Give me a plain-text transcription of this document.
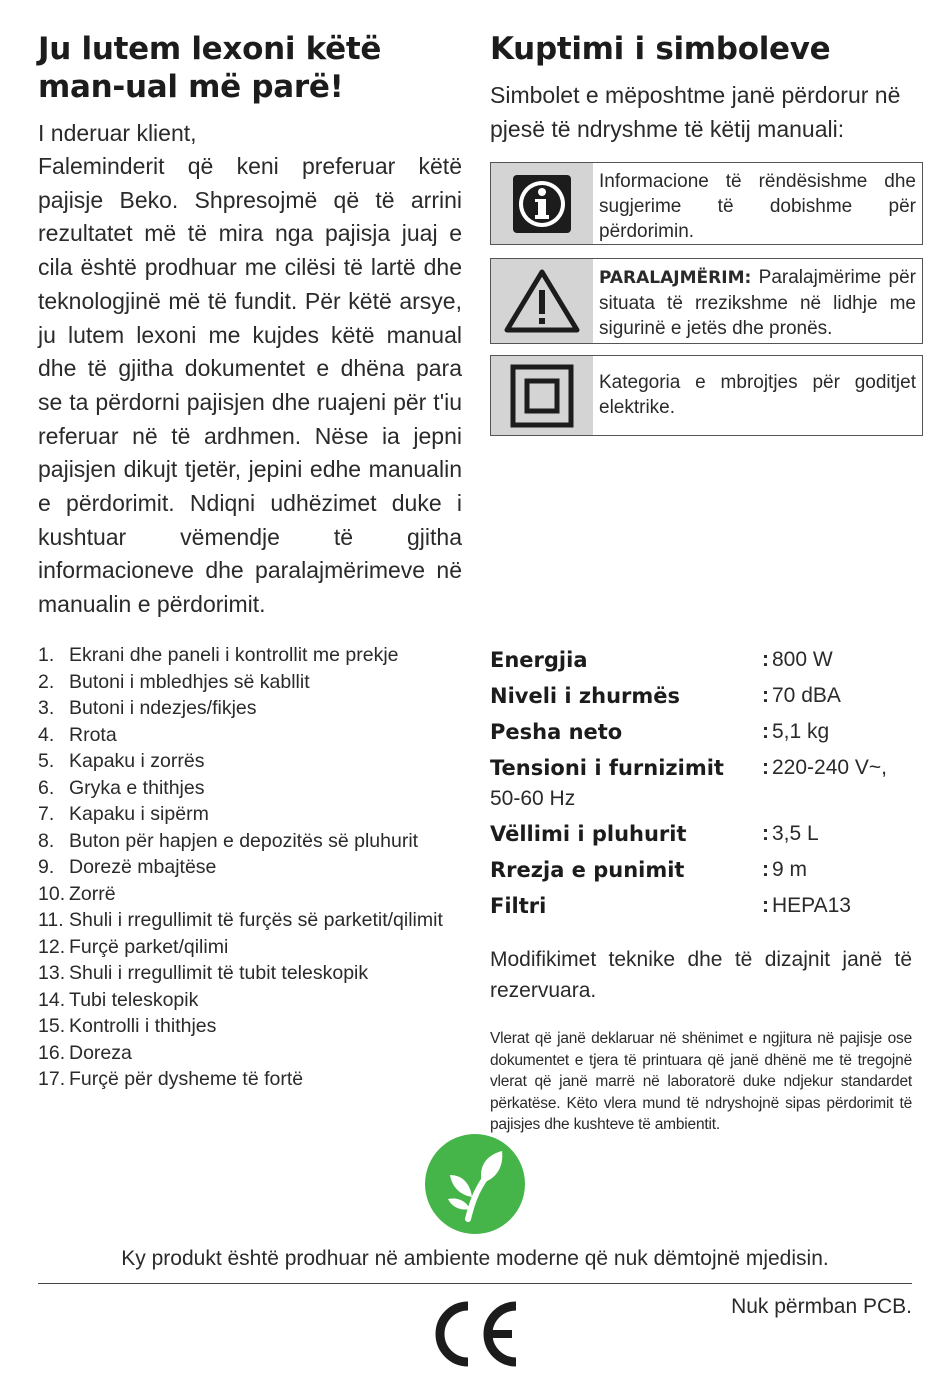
Ju lutem lexoni këtë man-ual më parë!

I nderuar klient,

Faleminderit që keni preferuar këtë pajisje Beko. Shpresojmë që të arrini rezultatet më të mira nga pajisja juaj e cila është prodhuar me cilësi të lartë dhe teknologjinë më të fundit. Për këtë arsye, ju lutem lexoni me kujdes këtë manual dhe të gjitha dokumentet e dhëna para se ta përdorni pajisjen dhe ruajeni për t'iu referuar në të ardhmen. Nëse ia jepni pajisjen dikujt tjetër, jepini edhe manualin e përdorimit. Ndiqni udhëzimet duke i kushtuar vëmendje të gjitha informacioneve dhe paralajmërimeve në manualin e përdorimit.

Kuptimi i simboleve

Simbolet e mëposhtme janë përdorur në pjesë të ndryshme të këtij manuali:

Informacione të rëndësishme dhe sugjerime të dobishme për përdorimin.

PARALAJMËRIM: Paralajmërime për situata të rrezikshme në lidhje me sigurinë e jetës dhe pronës.

Kategoria e mbrojtjes për goditjet elektrike.

1. Ekrani dhe paneli i kontrollit me prekje
2. Butoni i mbledhjes së kabllit
3. Butoni i ndezjes/fikjes
4. Rrota
5. Kapaku i zorrës
6. Gryka e thithjes
7. Kapaku i sipërm
8. Buton për hapjen e depozitës së pluhurit
9. Dorezë mbajtëse
10. Zorrë
11. Shuli i rregullimit të furçës së parketit/qilimit
12. Furçë parket/qilimi
13. Shuli i rregullimit të tubit teleskopik
14. Tubi teleskopik
15. Kontrolli i thithjes
16. Doreza
17. Furçë për dysheme të fortë
Energjia	: 800 W
Niveli i zhurmës	: 70 dBA
Pesha neto	: 5,1 kg
Tensioni i furnizimit : 220-240 V~,
50-60 Hz
Vëllimi i pluhurit	: 3,5 L
Rrezja e punimit	: 9 m
Filtri	: HEPA13

Modifikimet teknike dhe të dizajnit janë të rezervuara.

Vlerat që janë deklaruar në shënimet e ngjitura në pajisje ose dokumentet e tjera të printuara që janë dhënë me të tregojnë vlerat që janë marrë në laboratorë duke ndjekur standardet përkatëse. Këto vlera mund të ndryshojnë sipas përdorimit të pajisjes dhe kushteve të ambientit.

Ky produkt është prodhuar në ambiente moderne që nuk dëmtojnë mjedisin.

Nuk përmban PCB.
